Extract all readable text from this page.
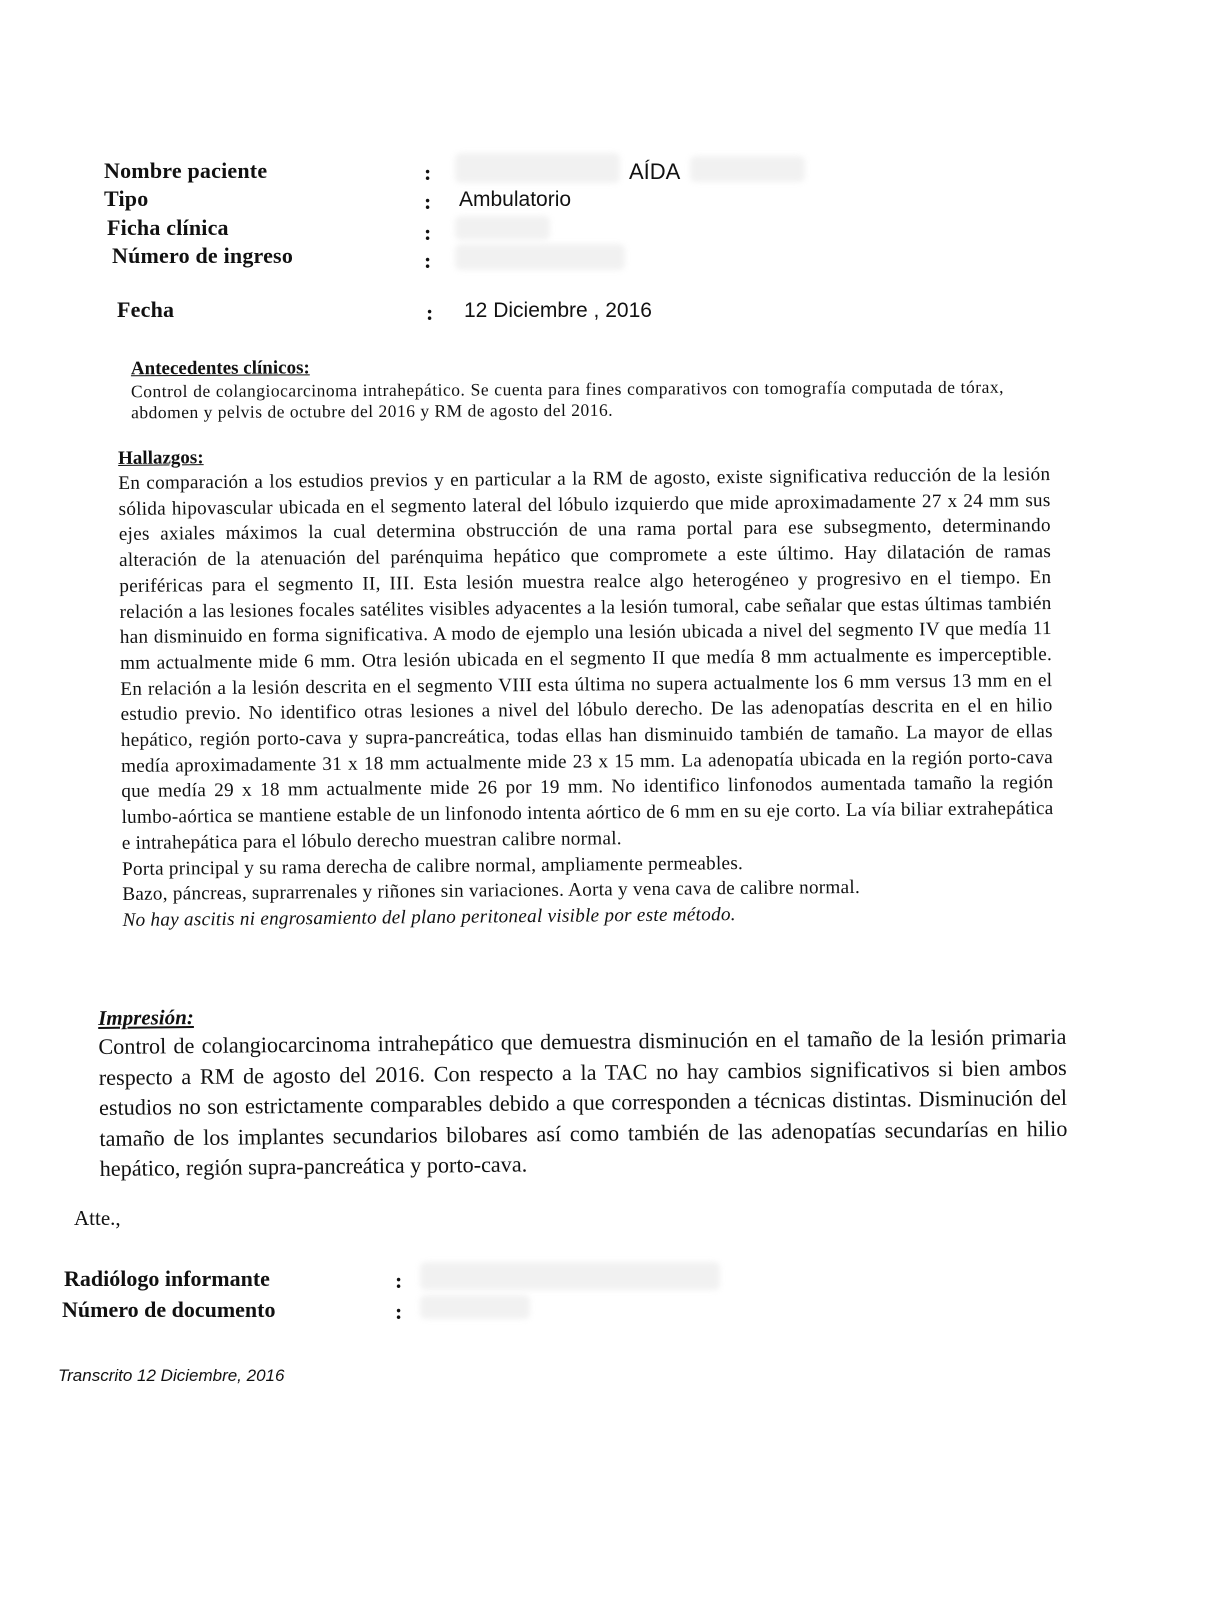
Nombre paciente	:	AÍDA
Tipo	: Ambulatorio
Ficha clínica	:
Número de ingreso	:
Fecha	: 12 Diciembre , 2016
Antecedentes clínicos:

Control de colangiocarcinoma intrahepático. Se cuenta para fines comparativos con tomografía computada de tórax, abdomen y pelvis de octubre del 2016 y RM de agosto del 2016.

Hallazgos:

En comparación a los estudios previos y en particular a la RM de agosto, existe significativa reducción de la lesión sólida hipovascular ubicada en el segmento lateral del lóbulo izquierdo que mide aproximadamente 27 x 24 mm sus ejes axiales máximos la cual determina obstrucción de una rama portal para ese subsegmento, determinando alteración de la atenuación del parénquima hepático que compromete a este último. Hay dilatación de ramas periféricas para el segmento II, III. Esta lesión muestra realce algo heterogéneo y progresivo en el tiempo. En relación a las lesiones focales satélites visibles adyacentes a la lesión tumoral, cabe señalar que estas últimas también han disminuido en forma significativa. A modo de ejemplo una lesión ubicada a nivel del segmento IV que medía 11 mm actualmente mide 6 mm. Otra lesión ubicada en el segmento II que medía 8 mm actualmente es imperceptible. En relación a la lesión descrita en el segmento VIII esta última no supera actualmente los 6 mm versus 13 mm en el estudio previo. No identifico otras lesiones a nivel del lóbulo derecho. De las adenopatías descrita en el en hilio hepático, región porto-cava y supra-pancreática, todas ellas han disminuido también de tamaño. La mayor de ellas medía aproximadamente 31 x 18 mm actualmente mide 23 x 15 mm. La adenopatía ubicada en la región porto-cava que medía 29 x 18 mm actualmente mide 26 por 19 mm. No identifico linfonodos aumentada tamaño la región lumbo-aórtica se mantiene estable de un linfonodo intenta aórtico de 6 mm en su eje corto. La vía biliar extrahepática e intrahepática para el lóbulo derecho muestran calibre normal.

Porta principal y su rama derecha de calibre normal, ampliamente permeables.

Bazo, páncreas, suprarrenales y riñones sin variaciones. Aorta y vena cava de calibre normal.

No hay ascitis ni engrosamiento del plano peritoneal visible por este método.

Impresión:

Control de colangiocarcinoma intrahepático que demuestra disminución en el tamaño de la lesión primaria respecto a RM de agosto del 2016. Con respecto a la TAC no hay cambios significativos si bien ambos estudios no son estrictamente comparables debido a que corresponden a técnicas distintas. Disminución del tamaño de los implantes secundarios bilobares así como también de las adenopatías secundarías en hilio hepático, región supra-pancreática y porto-cava.

Atte.,
Radiólogo informante	:
Número de documento	:
Transcrito 12 Diciembre, 2016
